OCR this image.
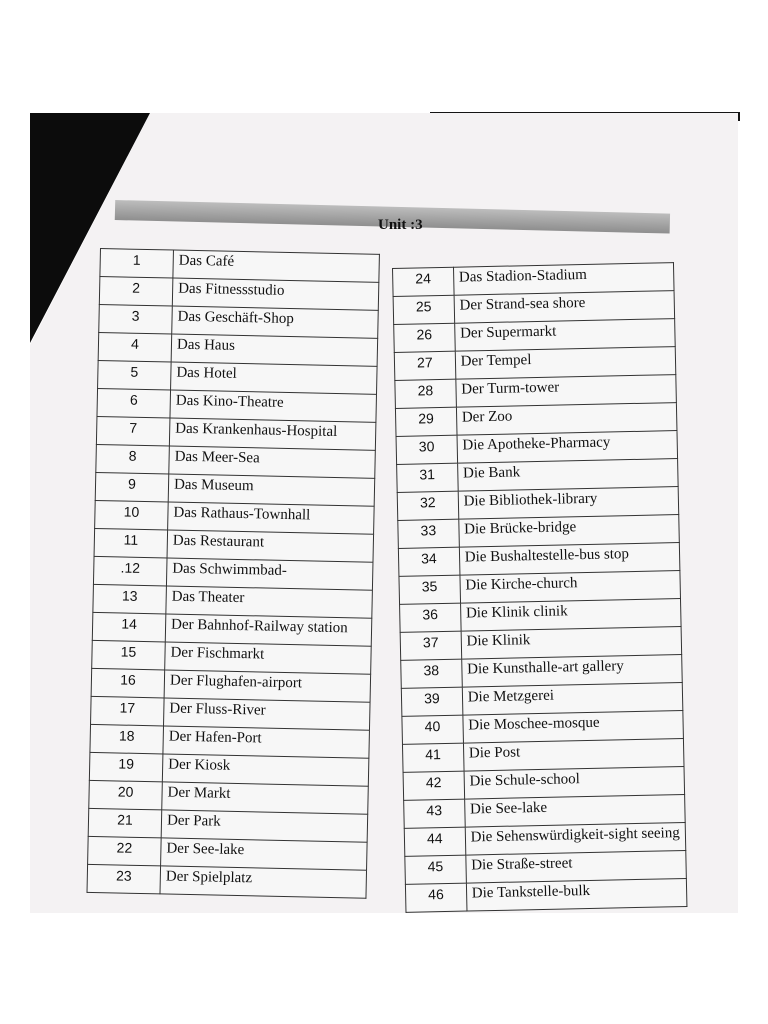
Unit :3
1	Das Café
2	Das Fitnessstudio
3	Das Geschäft-Shop
4	Das Haus
5	Das Hotel
6	Das Kino-Theatre
7	Das Krankenhaus-Hospital
8	Das Meer-Sea
9	Das Museum
10	Das Rathaus-Townhall
11	Das Restaurant
.12	Das Schwimmbad-
13	Das Theater
14	Der Bahnhof-Railway station
15	Der Fischmarkt
16	Der Flughafen-airport
17	Der Fluss-River
18	Der Hafen-Port
19	Der Kiosk
20	Der Markt
21	Der Park
22	Der See-lake
23	Der Spielplatz
24	Das Stadion-Stadium
25	Der Strand-sea shore
26	Der Supermarkt
27	Der Tempel
28	Der Turm-tower
29	Der Zoo
30	Die Apotheke-Pharmacy
31	Die Bank
32	Die Bibliothek-library
33	Die Brücke-bridge
34	Die Bushaltestelle-bus stop
35	Die Kirche-church
36	Die Klinik clinik
37	Die Klinik
38	Die Kunsthalle-art gallery
39	Die Metzgerei
40	Die Moschee-mosque
41	Die Post
42	Die Schule-school
43	Die See-lake
44	Die Sehenswürdigkeit-sight seeing
45	Die Straße-street
46	Die Tankstelle-bulk
